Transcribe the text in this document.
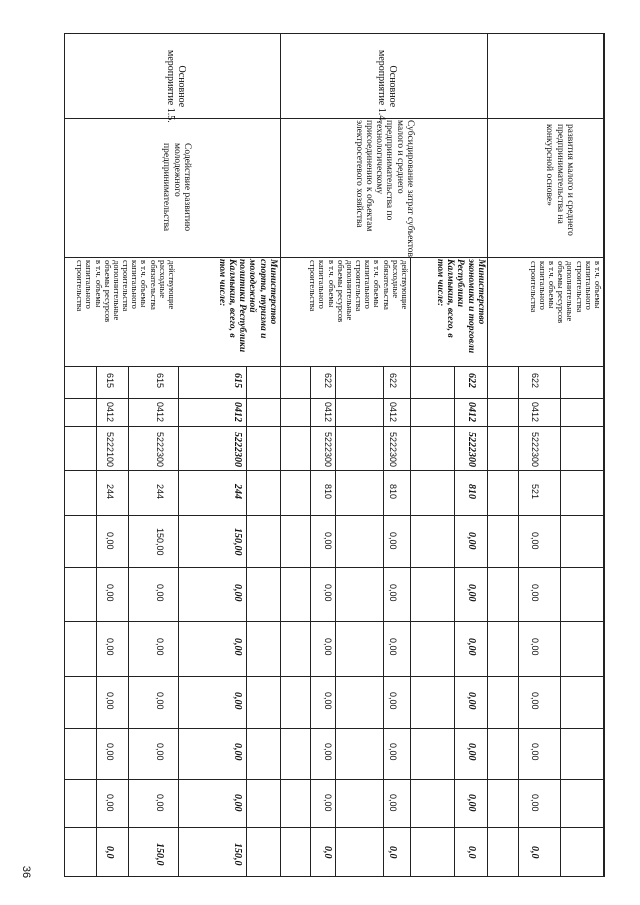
развития малого и среднего
предпринимательства на
конкурсной основе»
в т.ч. объемы
капитального
строительства
дополнительные
объемы ресурсов
в т.ч. объемы
капитального
строительства
622
0412
5222300
521
0,00
0,00
0,00
0,00
0,00
0,00
0,0
Основное
мероприятие 1.4.
Субсидирование затрат субъектов
малого и среднего
предпринимательства по
технологическому
присоединению к объектам
электросетевого хозяйства
Министерство
экономики и торговли
Республики
Калмыкия, всего, в
том числе:
действующие
расходные
обязательства
в т.ч. объемы
капитального
строительства
дополнительные
объемы ресурсов
в т.ч. объемы
капитального
строительства
622
0412
5222300
810
0,00
0,00
0,00
0,00
0,00
0,00
0,0
622
0412
5222300
810
0,00
0,00
0,00
0,00
0,00
0,00
0,0
622
0412
5222300
810
0,00
0,00
0,00
0,00
0,00
0,00
0,0
Основное
мероприятие 1.5.
Содействие развитию
молодежного
предпринимательства
Министерство
спорта, туризма и
молодежной
политики Республики
Калмыкия, всего, в
том числе:
действующие
расходные
обязательства
в т.ч. объемы
капитального
строительства
дополнительные
объемы ресурсов
в т.ч. объемы
капитального
строительства
615
0412
5222300
244
150,00
0,00
0,00
0,00
0,00
0,00
150,0
615
0412
5222300
244
150,00
0,00
0,00
0,00
0,00
0,00
150,0
615
0412
5222100
244
0,00
0,00
0,00
0,00
0,00
0,00
0,0
36
